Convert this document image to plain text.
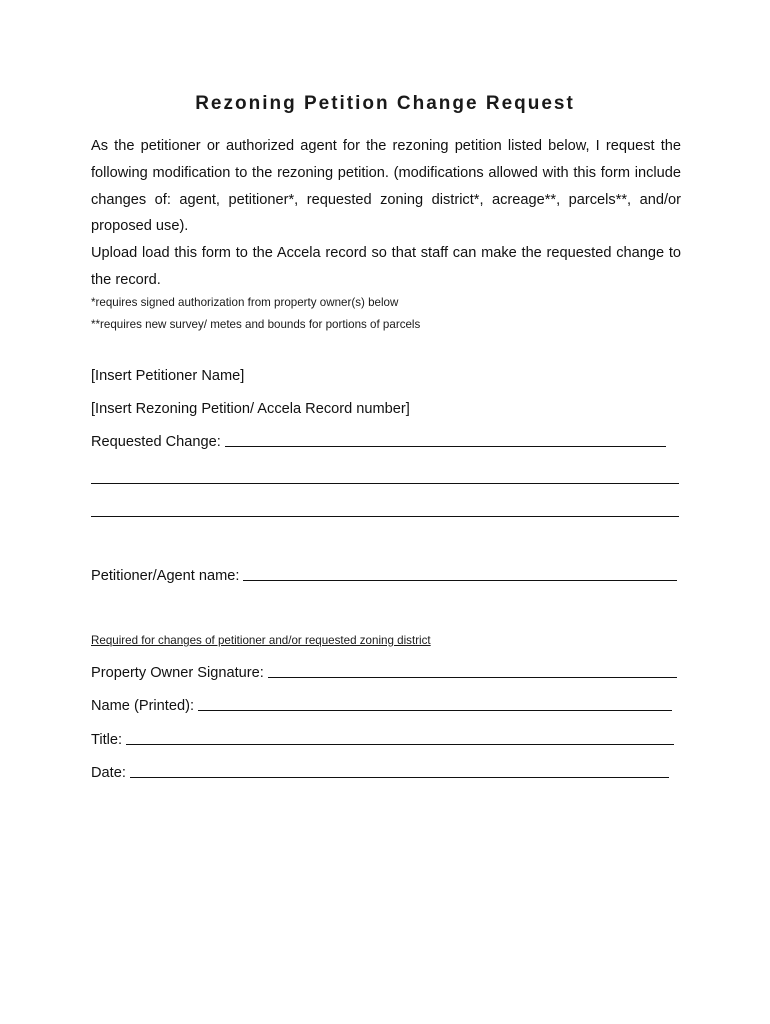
Rezoning Petition Change Request
As the petitioner or authorized agent for the rezoning petition listed below, I request the following modification to the rezoning petition. (modifications allowed with this form include changes of: agent, petitioner*, requested zoning district*, acreage**, parcels**, and/or proposed use).
Upload load this form to the Accela record so that staff can make the requested change to the record.
*requires signed authorization from property owner(s) below
**requires new survey/ metes and bounds for portions of parcels
[Insert Petitioner Name]
[Insert Rezoning Petition/ Accela Record number]
Requested Change:
Petitioner/Agent name:
Required for changes of petitioner and/or requested zoning district
Property Owner Signature:
Name (Printed):
Title:
Date:
